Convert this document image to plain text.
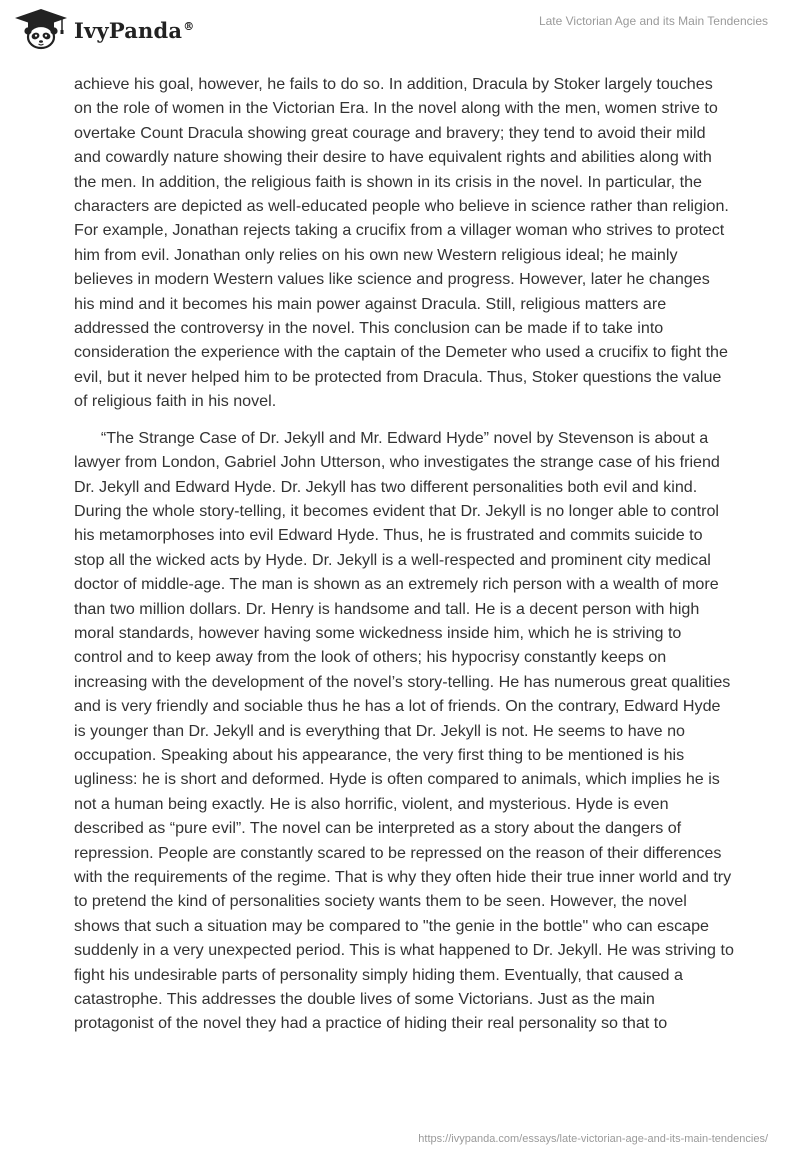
IvyPanda®	Late Victorian Age and its Main Tendencies

achieve his goal, however, he fails to do so. In addition, Dracula by Stoker largely touches on the role of women in the Victorian Era. In the novel along with the men, women strive to overtake Count Dracula showing great courage and bravery; they tend to avoid their mild and cowardly nature showing their desire to have equivalent rights and abilities along with the men. In addition, the religious faith is shown in its crisis in the novel. In particular, the characters are depicted as well-educated people who believe in science rather than religion. For example, Jonathan rejects taking a crucifix from a villager woman who strives to protect him from evil. Jonathan only relies on his own new Western religious ideal; he mainly believes in modern Western values like science and progress. However, later he changes his mind and it becomes his main power against Dracula. Still, religious matters are addressed the controversy in the novel. This conclusion can be made if to take into consideration the experience with the captain of the Demeter who used a crucifix to fight the evil, but it never helped him to be protected from Dracula. Thus, Stoker questions the value of religious faith in his novel.

“The Strange Case of Dr. Jekyll and Mr. Edward Hyde” novel by Stevenson is about a lawyer from London, Gabriel John Utterson, who investigates the strange case of his friend Dr. Jekyll and Edward Hyde. Dr. Jekyll has two different personalities both evil and kind. During the whole story-telling, it becomes evident that Dr. Jekyll is no longer able to control his metamorphoses into evil Edward Hyde. Thus, he is frustrated and commits suicide to stop all the wicked acts by Hyde. Dr. Jekyll is a well-respected and prominent city medical doctor of middle-age. The man is shown as an extremely rich person with a wealth of more than two million dollars. Dr. Henry is handsome and tall. He is a decent person with high moral standards, however having some wickedness inside him, which he is striving to control and to keep away from the look of others; his hypocrisy constantly keeps on increasing with the development of the novel’s story-telling. He has numerous great qualities and is very friendly and sociable thus he has a lot of friends. On the contrary, Edward Hyde is younger than Dr. Jekyll and is everything that Dr. Jekyll is not. He seems to have no occupation. Speaking about his appearance, the very first thing to be mentioned is his ugliness: he is short and deformed. Hyde is often compared to animals, which implies he is not a human being exactly. He is also horrific, violent, and mysterious. Hyde is even described as “pure evil”. The novel can be interpreted as a story about the dangers of repression. People are constantly scared to be repressed on the reason of their differences with the requirements of the regime. That is why they often hide their true inner world and try to pretend the kind of personalities society wants them to be seen. However, the novel shows that such a situation may be compared to "the genie in the bottle" who can escape suddenly in a very unexpected period. This is what happened to Dr. Jekyll. He was striving to fight his undesirable parts of personality simply hiding them. Eventually, that caused a catastrophe. This addresses the double lives of some Victorians. Just as the main protagonist of the novel they had a practice of hiding their real personality so that to

https://ivypanda.com/essays/late-victorian-age-and-its-main-tendencies/
